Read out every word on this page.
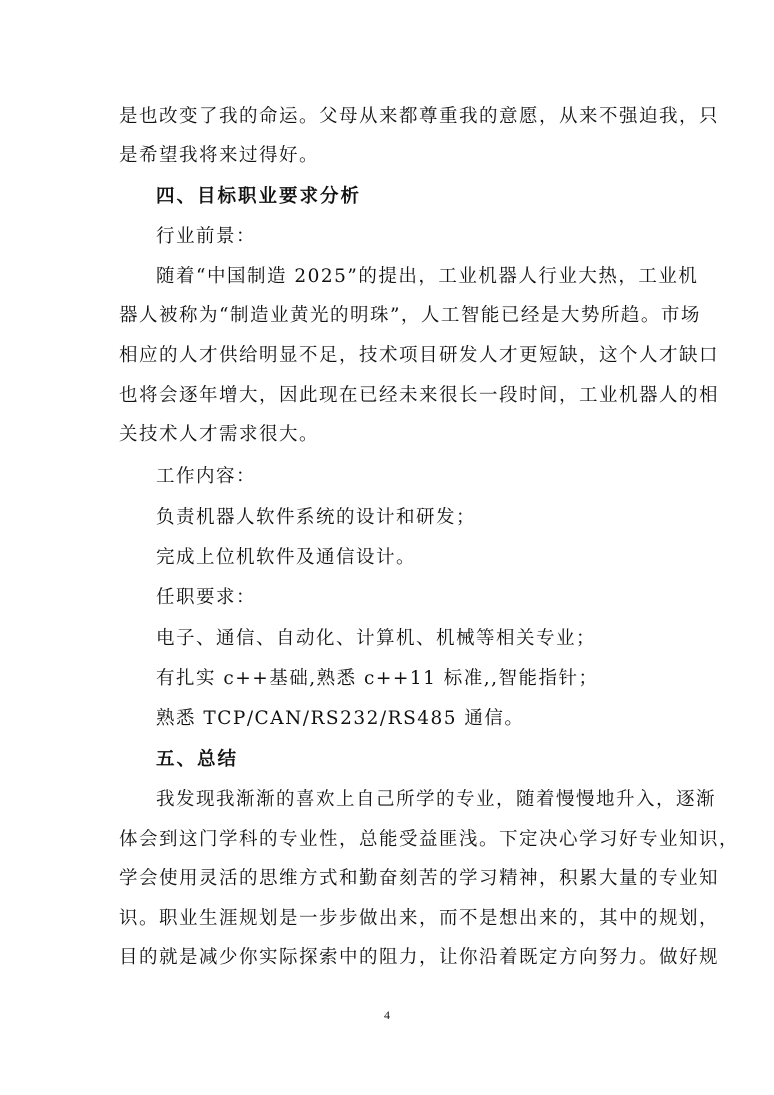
是也改变了我的命运。父母从来都尊重我的意愿，从来不强迫我，只
是希望我将来过得好。
四、目标职业要求分析
行业前景：
随着“中国制造 2025”的提出，工业机器人行业大热，工业机
器人被称为“制造业黄光的明珠”，人工智能已经是大势所趋。市场
相应的人才供给明显不足，技术项目研发人才更短缺，这个人才缺口
也将会逐年增大，因此现在已经未来很长一段时间，工业机器人的相
关技术人才需求很大。
工作内容：
负责机器人软件系统的设计和研发；
完成上位机软件及通信设计。
任职要求：
电子、通信、自动化、计算机、机械等相关专业；
有扎实 c++基础,熟悉 c++11 标准,,智能指针；
熟悉 TCP/CAN/RS232/RS485 通信。
五、总结
我发现我渐渐的喜欢上自己所学的专业，随着慢慢地升入，逐渐
体会到这门学科的专业性，总能受益匪浅。下定决心学习好专业知识，
学会使用灵活的思维方式和勤奋刻苦的学习精神，积累大量的专业知
识。职业生涯规划是一步步做出来，而不是想出来的，其中的规划，
目的就是减少你实际探索中的阻力，让你沿着既定方向努力。做好规
4
